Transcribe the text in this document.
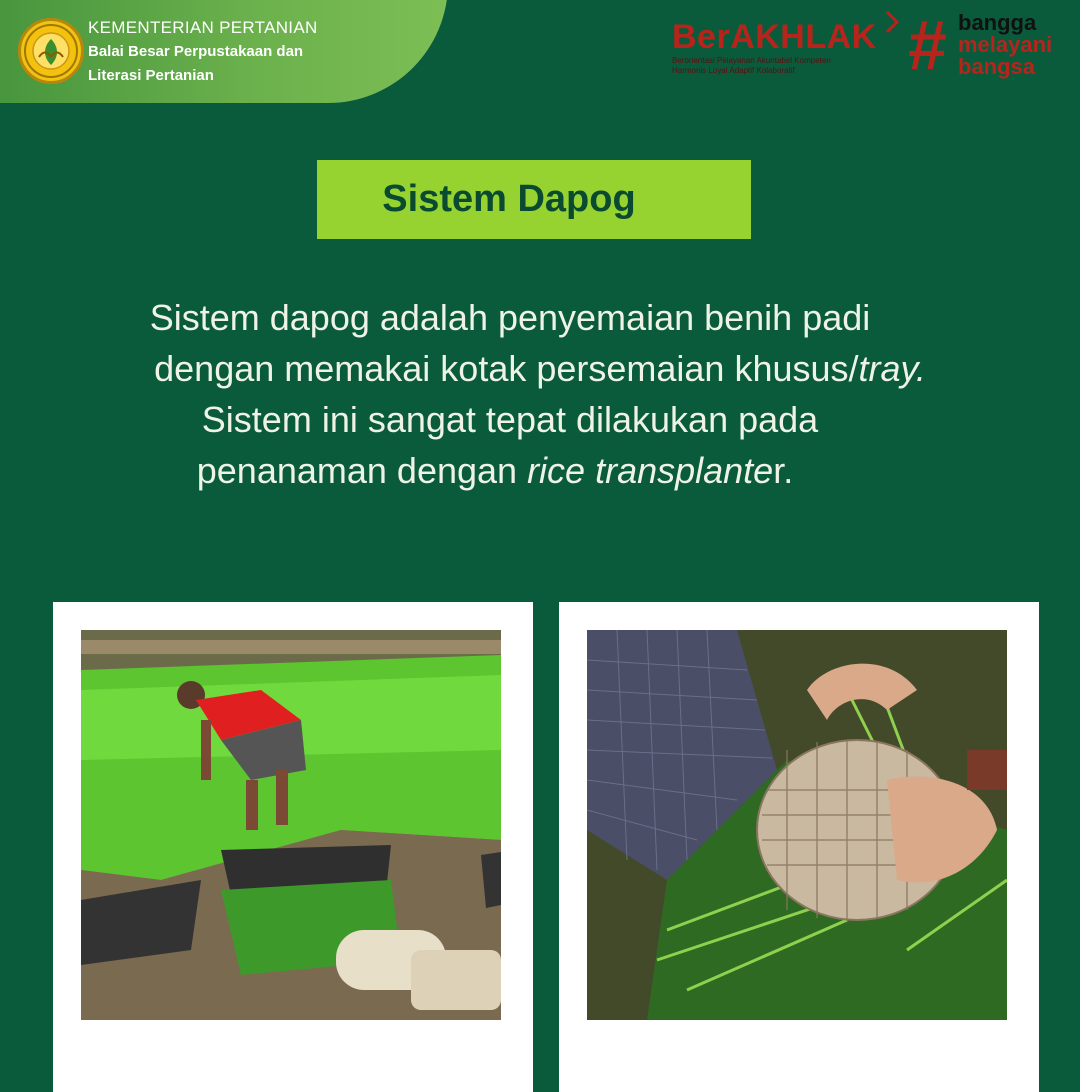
KEMENTERIAN PERTANIAN
Balai Besar Perpustakaan dan
Literasi Pertanian
BerAKHLAK
Berorientasi Pelayanan Akuntabel Kompeten
Harmonis Loyal Adaptif Kolaboratif	# bangga
melayani
bangsa
Sistem Dapog
Sistem dapog adalah penyemaian benih padi
dengan memakai kotak persemaian khusus/tray.
Sistem ini sangat tepat dilakukan pada
penanaman dengan rice transplanter.
